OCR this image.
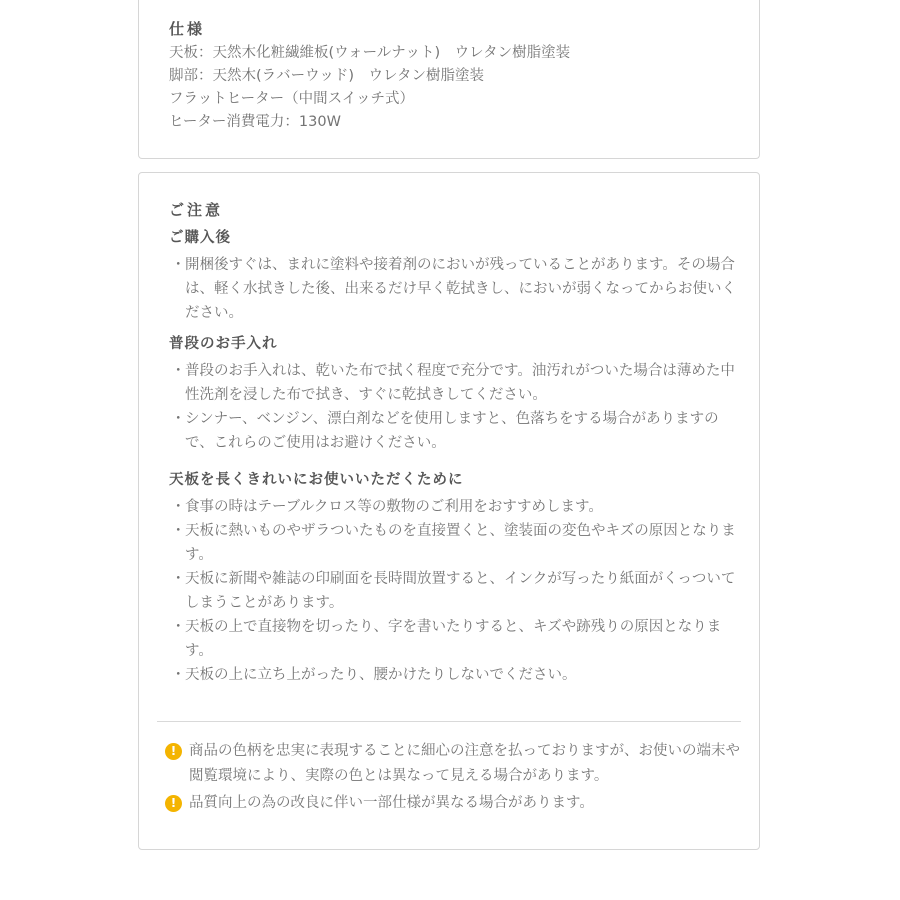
仕様
天板：天然木化粧繊維板(ウォールナット)　ウレタン樹脂塗装
脚部：天然木(ラバーウッド)　ウレタン樹脂塗装
フラットヒーター（中間スイッチ式）
ヒーター消費電力：130W
ご注意
ご購入後
・ 開梱後すぐは、まれに塗料や接着剤のにおいが残っていることがあります。その場合は、軽く水拭きした後、出来るだけ早く乾拭きし、においが弱くなってからお使いください。
普段のお手入れ
・ 普段のお手入れは、乾いた布で拭く程度で充分です。油汚れがついた場合は薄めた中性洗剤を浸した布で拭き、すぐに乾拭きしてください。
・ シンナー、ベンジン、漂白剤などを使用しますと、色落ちをする場合がありますので、これらのご使用はお避けください。
天板を長くきれいにお使いいただくために
・ 食事の時はテーブルクロス等の敷物のご利用をおすすめします。
・ 天板に熱いものやザラついたものを直接置くと、塗装面の変色やキズの原因となります。
・ 天板に新聞や雑誌の印刷面を長時間放置すると、インクが写ったり紙面がくっついてしまうことがあります。
・ 天板の上で直接物を切ったり、字を書いたりすると、キズや跡残りの原因となります。
・ 天板の上に立ち上がったり、腰かけたりしないでください。
! 商品の色柄を忠実に表現することに細心の注意を払っておりますが、お使いの端末や閲覧環境により、実際の色とは異なって見える場合があります。
! 品質向上の為の改良に伴い一部仕様が異なる場合があります。
